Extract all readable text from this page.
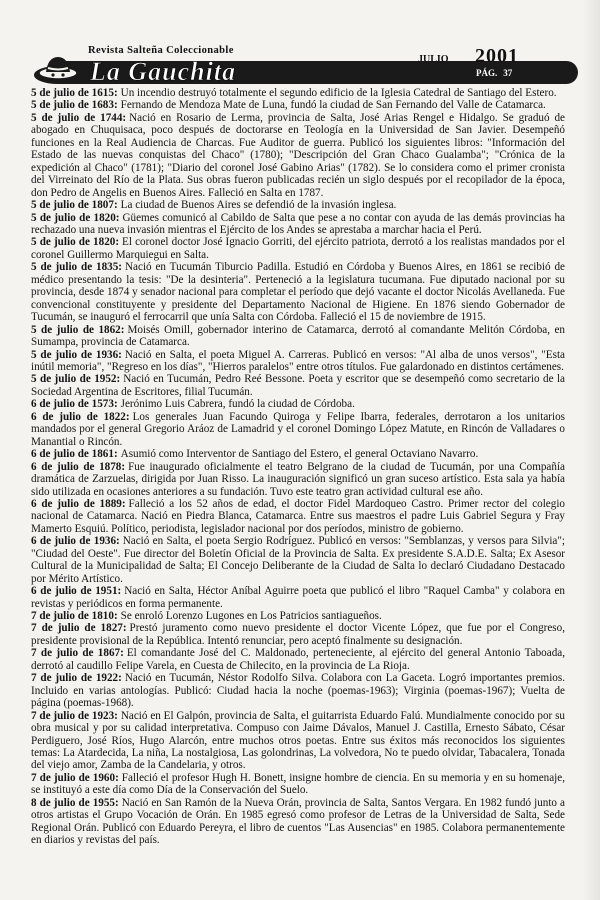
Revista Salteña Coleccionable
La Gauchita	JULIO 2001
PÁG. 37

5 de julio de 1615: Un incendio destruyó totalmente el segundo edificio de la Iglesia Catedral de Santiago del Estero.

5 de julio de 1683: Fernando de Mendoza Mate de Luna, fundó la ciudad de San Fernando del Valle de Catamarca.

5 de julio de 1744: Nació en Rosario de Lerma, provincia de Salta, José Arias Rengel e Hidalgo. Se graduó de abogado en Chuquisaca, poco después de doctorarse en Teología en la Universidad de San Javier. Desempeñó funciones en la Real Audiencia de Charcas. Fue Auditor de guerra. Publicó los siguientes libros: "Información del Estado de las nuevas conquistas del Chaco" (1780); "Descripción del Gran Chaco Gualamba"; "Crónica de la expedición al Chaco" (1781); "Diario del coronel José Gabino Arias" (1782). Se lo considera como el primer cronista del Virreinato del Río de la Plata. Sus obras fueron publicadas recién un siglo después por el recopilador de la época, don Pedro de Angelis en Buenos Aires. Falleció en Salta en 1787.

5 de julio de 1807: La ciudad de Buenos Aires se defendió de la invasión inglesa.

5 de julio de 1820: Güemes comunicó al Cabildo de Salta que pese a no contar con ayuda de las demás provincias ha rechazado una nueva invasión mientras el Ejército de los Andes se aprestaba a marchar hacia el Perú.

5 de julio de 1820: El coronel doctor José Ignacio Gorriti, del ejército patriota, derrotó a los realistas mandados por el coronel Guillermo Marquiegui en Salta.

5 de julio de 1835: Nació en Tucumán Tiburcio Padilla. Estudió en Córdoba y Buenos Aires, en 1861 se recibió de médico presentando la tesis: "De la desinteria". Perteneció a la legislatura tucumana. Fue diputado nacional por su provincia, desde 1874 y senador nacional para completar el período que dejó vacante el doctor Nicolás Avellaneda. Fue convencional constituyente y presidente del Departamento Nacional de Higiene. En 1876 siendo Gobernador de Tucumán, se inauguró el ferrocarril que unía Salta con Córdoba. Falleció el 15 de noviembre de 1915.

5 de julio de 1862: Moisés Omill, gobernador interino de Catamarca, derrotó al comandante Melitón Córdoba, en Sumampa, provincia de Catamarca.

5 de julio de 1936: Nació en Salta, el poeta Miguel A. Carreras. Publicó en versos: "Al alba de unos versos", "Esta inútil memoria", "Regreso en los días", "Hierros paralelos" entre otros títulos. Fue galardonado en distintos certámenes.

5 de julio de 1952: Nació en Tucumán, Pedro Reé Bessone. Poeta y escritor que se desempeñó como secretario de la Sociedad Argentina de Escritores, filial Tucumán.

6 de julio de 1573: Jerónimo Luis Cabrera, fundó la ciudad de Córdoba.

6 de julio de 1822: Los generales Juan Facundo Quiroga y Felipe Ibarra, federales, derrotaron a los unitarios mandados por el general Gregorio Aráoz de Lamadrid y el coronel Domingo López Matute, en Rincón de Valladares o Manantial o Rincón.

6 de julio de 1861: Asumió como Interventor de Santiago del Estero, el general Octaviano Navarro.

6 de julio de 1878: Fue inaugurado oficialmente el teatro Belgrano de la ciudad de Tucumán, por una Compañía dramática de Zarzuelas, dirigida por Juan Risso. La inauguración significó un gran suceso artístico. Esta sala ya había sido utilizada en ocasiones anteriores a su fundación. Tuvo este teatro gran actividad cultural ese año.

6 de julio de 1889: Falleció a los 52 años de edad, el doctor Fidel Mardoqueo Castro. Primer rector del colegio nacional de Catamarca. Nació en Piedra Blanca, Catamarca. Entre sus maestros el padre Luis Gabriel Segura y Fray Mamerto Esquiú. Político, periodista, legislador nacional por dos períodos, ministro de gobierno.

6 de julio de 1936: Nació en Salta, el poeta Sergio Rodríguez. Publicó en versos: "Semblanzas, y versos para Silvia"; "Ciudad del Oeste". Fue director del Boletín Oficial de la Provincia de Salta. Ex presidente S.A.D.E. Salta; Ex Asesor Cultural de la Municipalidad de Salta; El Concejo Deliberante de la Ciudad de Salta lo declaró Ciudadano Destacado por Mérito Artístico.

6 de julio de 1951: Nació en Salta, Héctor Aníbal Aguirre poeta que publicó el libro "Raquel Camba" y colabora en revistas y periódicos en forma permanente.

7 de julio de 1810: Se enroló Lorenzo Lugones en Los Patricios santiagueños.

7 de julio de 1827: Prestó juramento como nuevo presidente el doctor Vicente López, que fue por el Congreso, presidente provisional de la República. Intentó renunciar, pero aceptó finalmente su designación.

7 de julio de 1867: El comandante José del C. Maldonado, perteneciente, al ejército del general Antonio Taboada, derrotó al caudillo Felipe Varela, en Cuesta de Chilecito, en la provincia de La Rioja.

7 de julio de 1922: Nació en Tucumán, Néstor Rodolfo Silva. Colabora con La Gaceta. Logró importantes premios. Incluido en varias antologías. Publicó: Ciudad hacia la noche (poemas-1963); Virginia (poemas-1967); Vuelta de página (poemas-1968).

7 de julio de 1923: Nació en El Galpón, provincia de Salta, el guitarrista Eduardo Falú. Mundialmente conocido por su obra musical y por su calidad interpretativa. Compuso con Jaime Dávalos, Manuel J. Castilla, Ernesto Sábato, César Perdiguero, José Ríos, Hugo Alarcón, entre muchos otros poetas. Entre sus éxitos más reconocidos los siguientes temas: La Atardecida, La niña, La nostalgiosa, Las golondrinas, La volvedora, No te puedo olvidar, Tabacalera, Tonada del viejo amor, Zamba de la Candelaria, y otros.

7 de julio de 1960: Falleció el profesor Hugh H. Bonett, insigne hombre de ciencia. En su memoria y en su homenaje, se instituyó a este día como Día de la Conservación del Suelo.

8 de julio de 1955: Nació en San Ramón de la Nueva Orán, provincia de Salta, Santos Vergara. En 1982 fundó junto a otros artistas el Grupo Vocación de Orán. En 1985 egresó como profesor de Letras de la Universidad de Salta, Sede Regional Orán. Publicó con Eduardo Pereyra, el libro de cuentos "Las Ausencias" en 1985. Colabora permanentemente en diarios y revistas del país.
